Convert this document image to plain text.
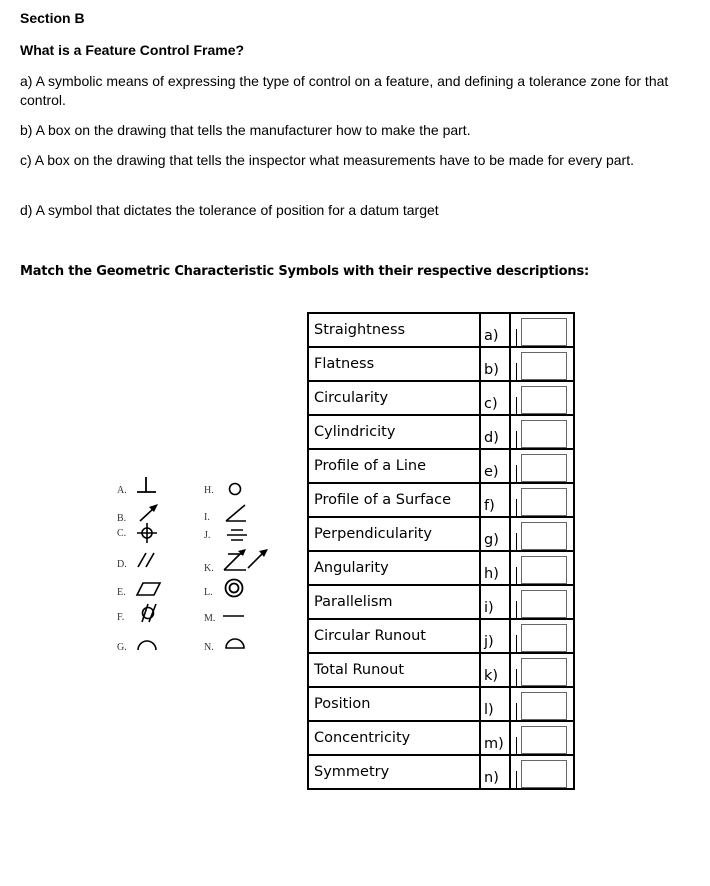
Section B
What is a Feature Control Frame?
a) A symbolic means of expressing the type of control on a feature, and defining a tolerance zone for that control.
b) A box on the drawing that tells the manufacturer how to make the part.
c) A box on the drawing that tells the inspector what measurements have to be made for every part.
d) A symbol that dictates the tolerance of position for a datum target
Match the Geometric Characteristic Symbols with their respective descriptions:
A.
B.
C.
D.
E.
F.
G.
H.
I.
J.
K.
L.
M.
N.
Straightness	a)	

Flatness	b)	

Circularity	c)	

Cylindricity	d)	

Profile of a Line	e)	

Profile of a Surface	f)	

Perpendicularity	g)	

Angularity	h)	

Parallelism	i)	

Circular Runout	j)	

Total Runout	k)	

Position	l)	

Concentricity	m)	

Symmetry	n)	
